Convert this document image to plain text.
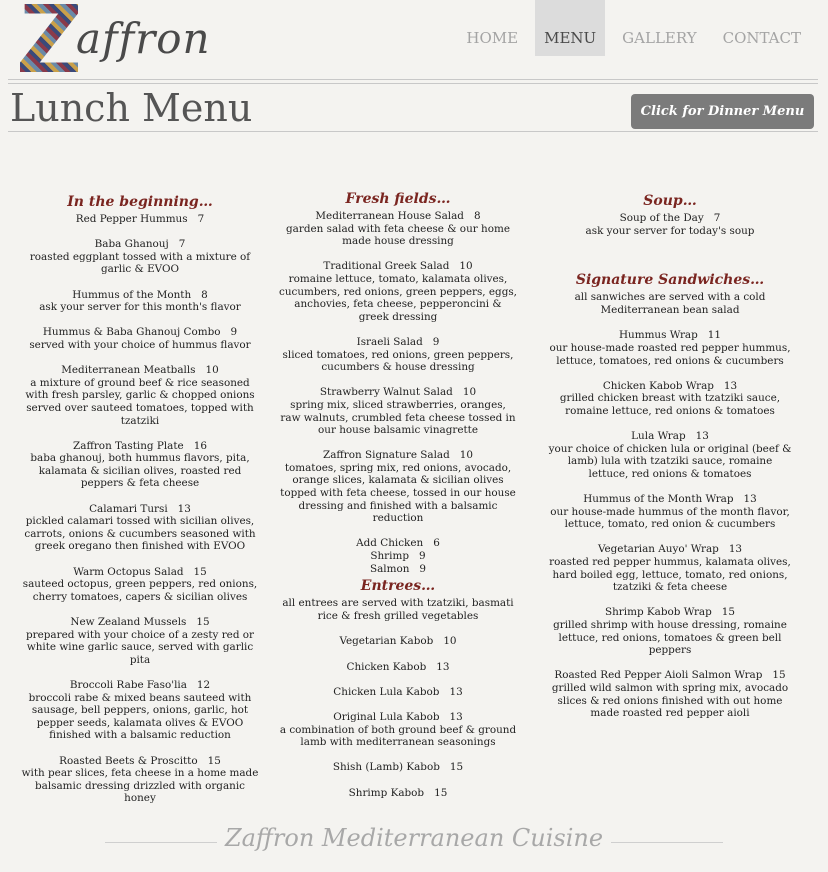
affron	HOME	MENU	GALLERY	CONTACT
Lunch Menu	Click for Dinner Menu
In the beginning…
Red Pepper Hummus 7
Baba Ghanouj 7
roasted eggplant tossed with a mixture of garlic & EVOO
Hummus of the Month 8
ask your server for this month's flavor
Hummus & Baba Ghanouj Combo 9
served with your choice of hummus flavor
Mediterranean Meatballs 10
a mixture of ground beef & rice seasoned with fresh parsley, garlic & chopped onions served over sauteed tomatoes, topped with tzatziki
Zaffron Tasting Plate 16
baba ghanouj, both hummus flavors, pita, kalamata & sicilian olives, roasted red peppers & feta cheese
Calamari Tursi 13
pickled calamari tossed with sicilian olives, carrots, onions & cucumbers seasoned with greek oregano then finished with EVOO
Warm Octopus Salad 15
sauteed octopus, green peppers, red onions, cherry tomatoes, capers & sicilian olives
New Zealand Mussels 15
prepared with your choice of a zesty red or white wine garlic sauce, served with garlic pita
Broccoli Rabe Faso'lia 12
broccoli rabe & mixed beans sauteed with sausage, bell peppers, onions, garlic, hot pepper seeds, kalamata olives & EVOO finished with a balsamic reduction
Roasted Beets & Proscitto 15
with pear slices, feta cheese in a home made balsamic dressing drizzled with organic honey
Fresh fields…
Mediterranean House Salad 8
garden salad with feta cheese & our home made house dressing
Traditional Greek Salad 10
romaine lettuce, tomato, kalamata olives, cucumbers, red onions, green peppers, eggs, anchovies, feta cheese, pepperoncini & greek dressing
Israeli Salad 9
sliced tomatoes, red onions, green peppers, cucumbers & house dressing
Strawberry Walnut Salad 10
spring mix, sliced strawberries, oranges, raw walnuts, crumbled feta cheese tossed in our house balsamic vinagrette
Zaffron Signature Salad 10
tomatoes, spring mix, red onions, avocado, orange slices, kalamata & sicilian olives topped with feta cheese, tossed in our house dressing and finished with a balsamic reduction
Add Chicken 6
Shrimp 9
Salmon 9
Entrees…
all entrees are served with tzatziki, basmati rice & fresh grilled vegetables
Vegetarian Kabob 10
Chicken Kabob 13
Chicken Lula Kabob 13
Original Lula Kabob 13
a combination of both ground beef & ground lamb with mediterranean seasonings
Shish (Lamb) Kabob 15
Shrimp Kabob 15
Soup…
Soup of the Day 7
ask your server for today's soup
Signature Sandwiches…
all sanwiches are served with a cold Mediterranean bean salad
Hummus Wrap 11
our house-made roasted red pepper hummus, lettuce, tomatoes, red onions & cucumbers
Chicken Kabob Wrap 13
grilled chicken breast with tzatziki sauce, romaine lettuce, red onions & tomatoes
Lula Wrap 13
your choice of chicken lula or original (beef & lamb) lula with tzatziki sauce, romaine lettuce, red onions & tomatoes
Hummus of the Month Wrap 13
our house-made hummus of the month flavor, lettuce, tomato, red onion & cucumbers
Vegetarian Auyo' Wrap 13
roasted red pepper hummus, kalamata olives, hard boiled egg, lettuce, tomato, red onions, tzatziki & feta cheese
Shrimp Kabob Wrap 15
grilled shrimp with house dressing, romaine lettuce, red onions, tomatoes & green bell peppers
Roasted Red Pepper Aioli Salmon Wrap 15
grilled wild salmon with spring mix, avocado slices & red onions finished with out home made roasted red pepper aioli
Zaffron Mediterranean Cuisine
